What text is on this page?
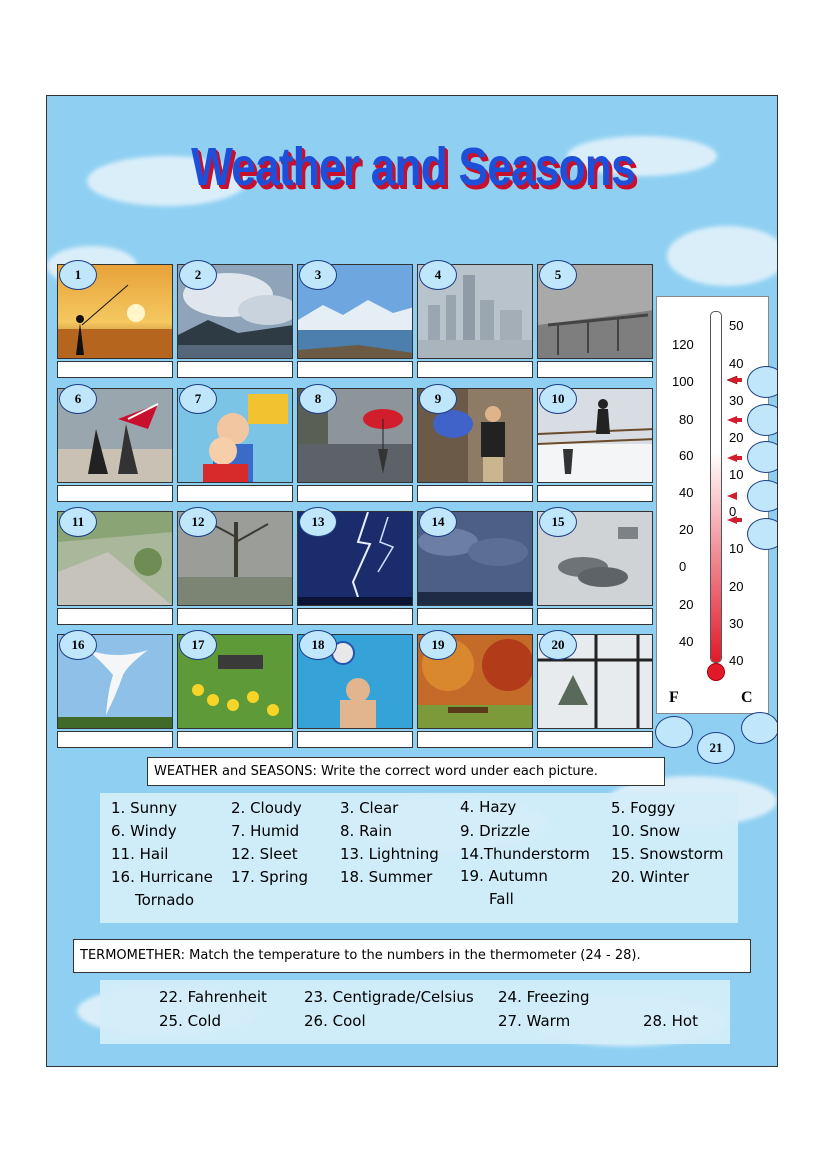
Weather and Seasons
1	2	3	4	5
6	7	8	9	10
11	12	13	14	15
16	17	18	19	20
120
100
80
60
40
20
0
20
40
50
40
30
20
10
0
10
20
30
40
F	C
21
WEATHER and SEASONS: Write the correct word under each picture.
1. Sunny	2. Cloudy	3. Clear	4. Hazy	5. Foggy
6. Windy	7. Humid	8. Rain	9. Drizzle	10. Snow
11. Hail	12. Sleet	13. Lightning 14.Thunderstorm 15. Snowstorm
16. Hurricane 17. Spring 18. Summer 19. Autumn	20. Winter
Tornado	Fall
TERMOMETHER: Match the temperature to the numbers in the thermometer (24 - 28).
22. Fahrenheit 23. Centigrade/Celsius 24. Freezing
25. Cold	26. Cool	27. Warm	28. Hot
